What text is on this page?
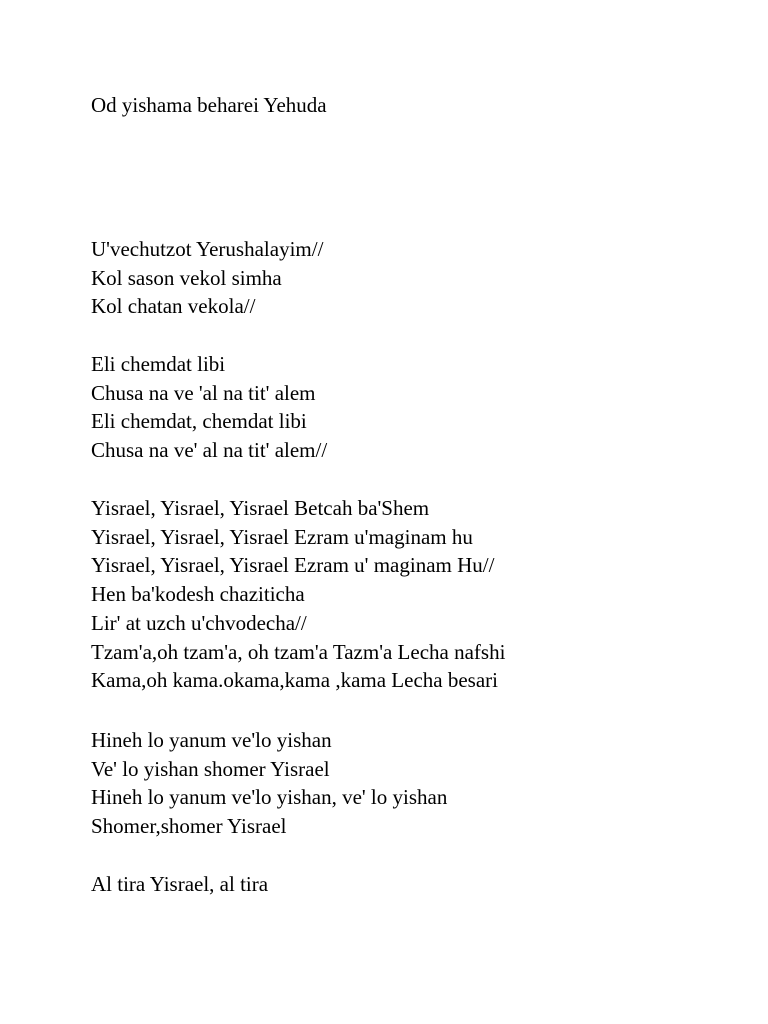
Od yishama beharei Yehuda
U'vechutzot Yerushalayim//
Kol sason vekol simha
Kol chatan vekola//
Eli chemdat libi
Chusa na ve 'al na tit' alem
Eli chemdat, chemdat libi
Chusa na ve' al na tit' alem//
Yisrael, Yisrael, Yisrael Betcah ba'Shem
Yisrael, Yisrael, Yisrael Ezram u'maginam hu
Yisrael, Yisrael, Yisrael Ezram u' maginam Hu//
Hen ba'kodesh chaziticha
Lir' at uzch u'chvodecha//
Tzam'a,oh tzam'a, oh tzam'a Tazm'a Lecha nafshi
Kama,oh kama.okama,kama ,kama Lecha besari
Hineh lo yanum ve'lo yishan
Ve' lo yishan shomer Yisrael
Hineh lo yanum ve'lo yishan, ve' lo yishan
Shomer,shomer Yisrael
Al tira Yisrael, al tira
